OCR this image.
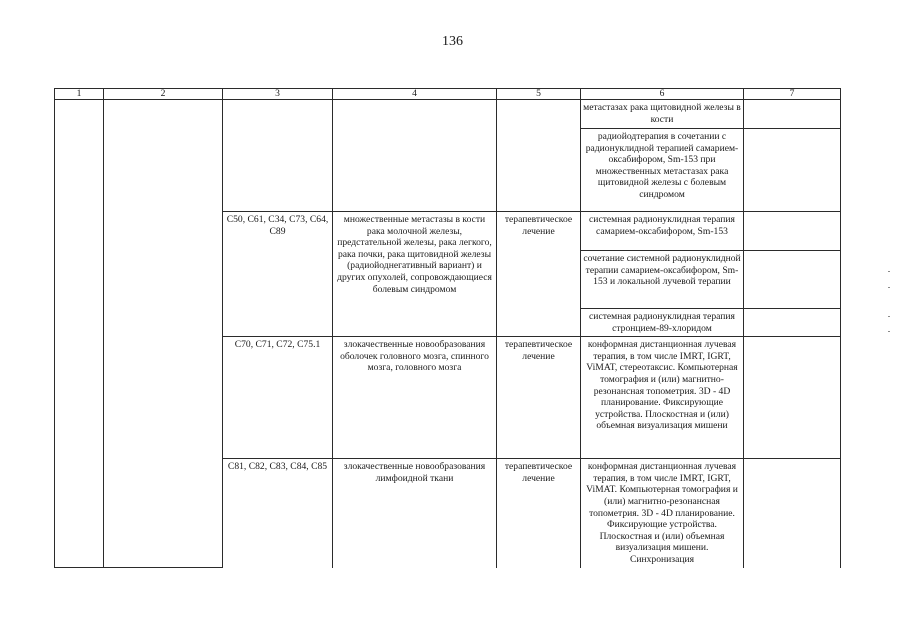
136
1	2	3	4	5	6	7
					метастазах рака щитовидной железы в кости	
					радиойодтерапия в сочетании с радионуклидной терапией самарием-оксабифором, Sm-153 при множественных метастазах рака щитовидной железы с болевым синдромом	
		C50, C61, C34, C73, C64, C89	множественные метастазы в кости рака молочной железы, предстательной железы, рака легкого, рака почки, рака щитовидной железы (радиойоднегативный вариант) и других опухолей, сопровождающиеся болевым синдромом	терапевтическое лечение	системная радионуклидная терапия самарием-оксабифором, Sm-153	
					сочетание системной радионуклидной терапии самарием-оксабифором, Sm-153 и локальной лучевой терапии	
					системная радионуклидная терапия стронцием-89-хлоридом	
		C70, C71, C72, C75.1	злокачественные новообразования оболочек головного мозга, спинного мозга, головного мозга	терапевтическое лечение	конформная дистанционная лучевая терапия, в том числе IMRT, IGRT, ViMAT, стереотаксис. Компьютерная томография и (или) магнитно-резонансная топометрия. 3D - 4D планирование. Фиксирующие устройства. Плоскостная и (или) объемная визуализация мишени	
		C81, C82, C83, C84, C85	злокачественные новообразования лимфоидной ткани	терапевтическое лечение	конформная дистанционная лучевая терапия, в том числе IMRT, IGRT, ViMAT. Компьютерная томография и (или) магнитно-резонансная топометрия. 3D - 4D планирование. Фиксирующие устройства. Плоскостная и (или) объемная визуализация мишени. Синхронизация	
